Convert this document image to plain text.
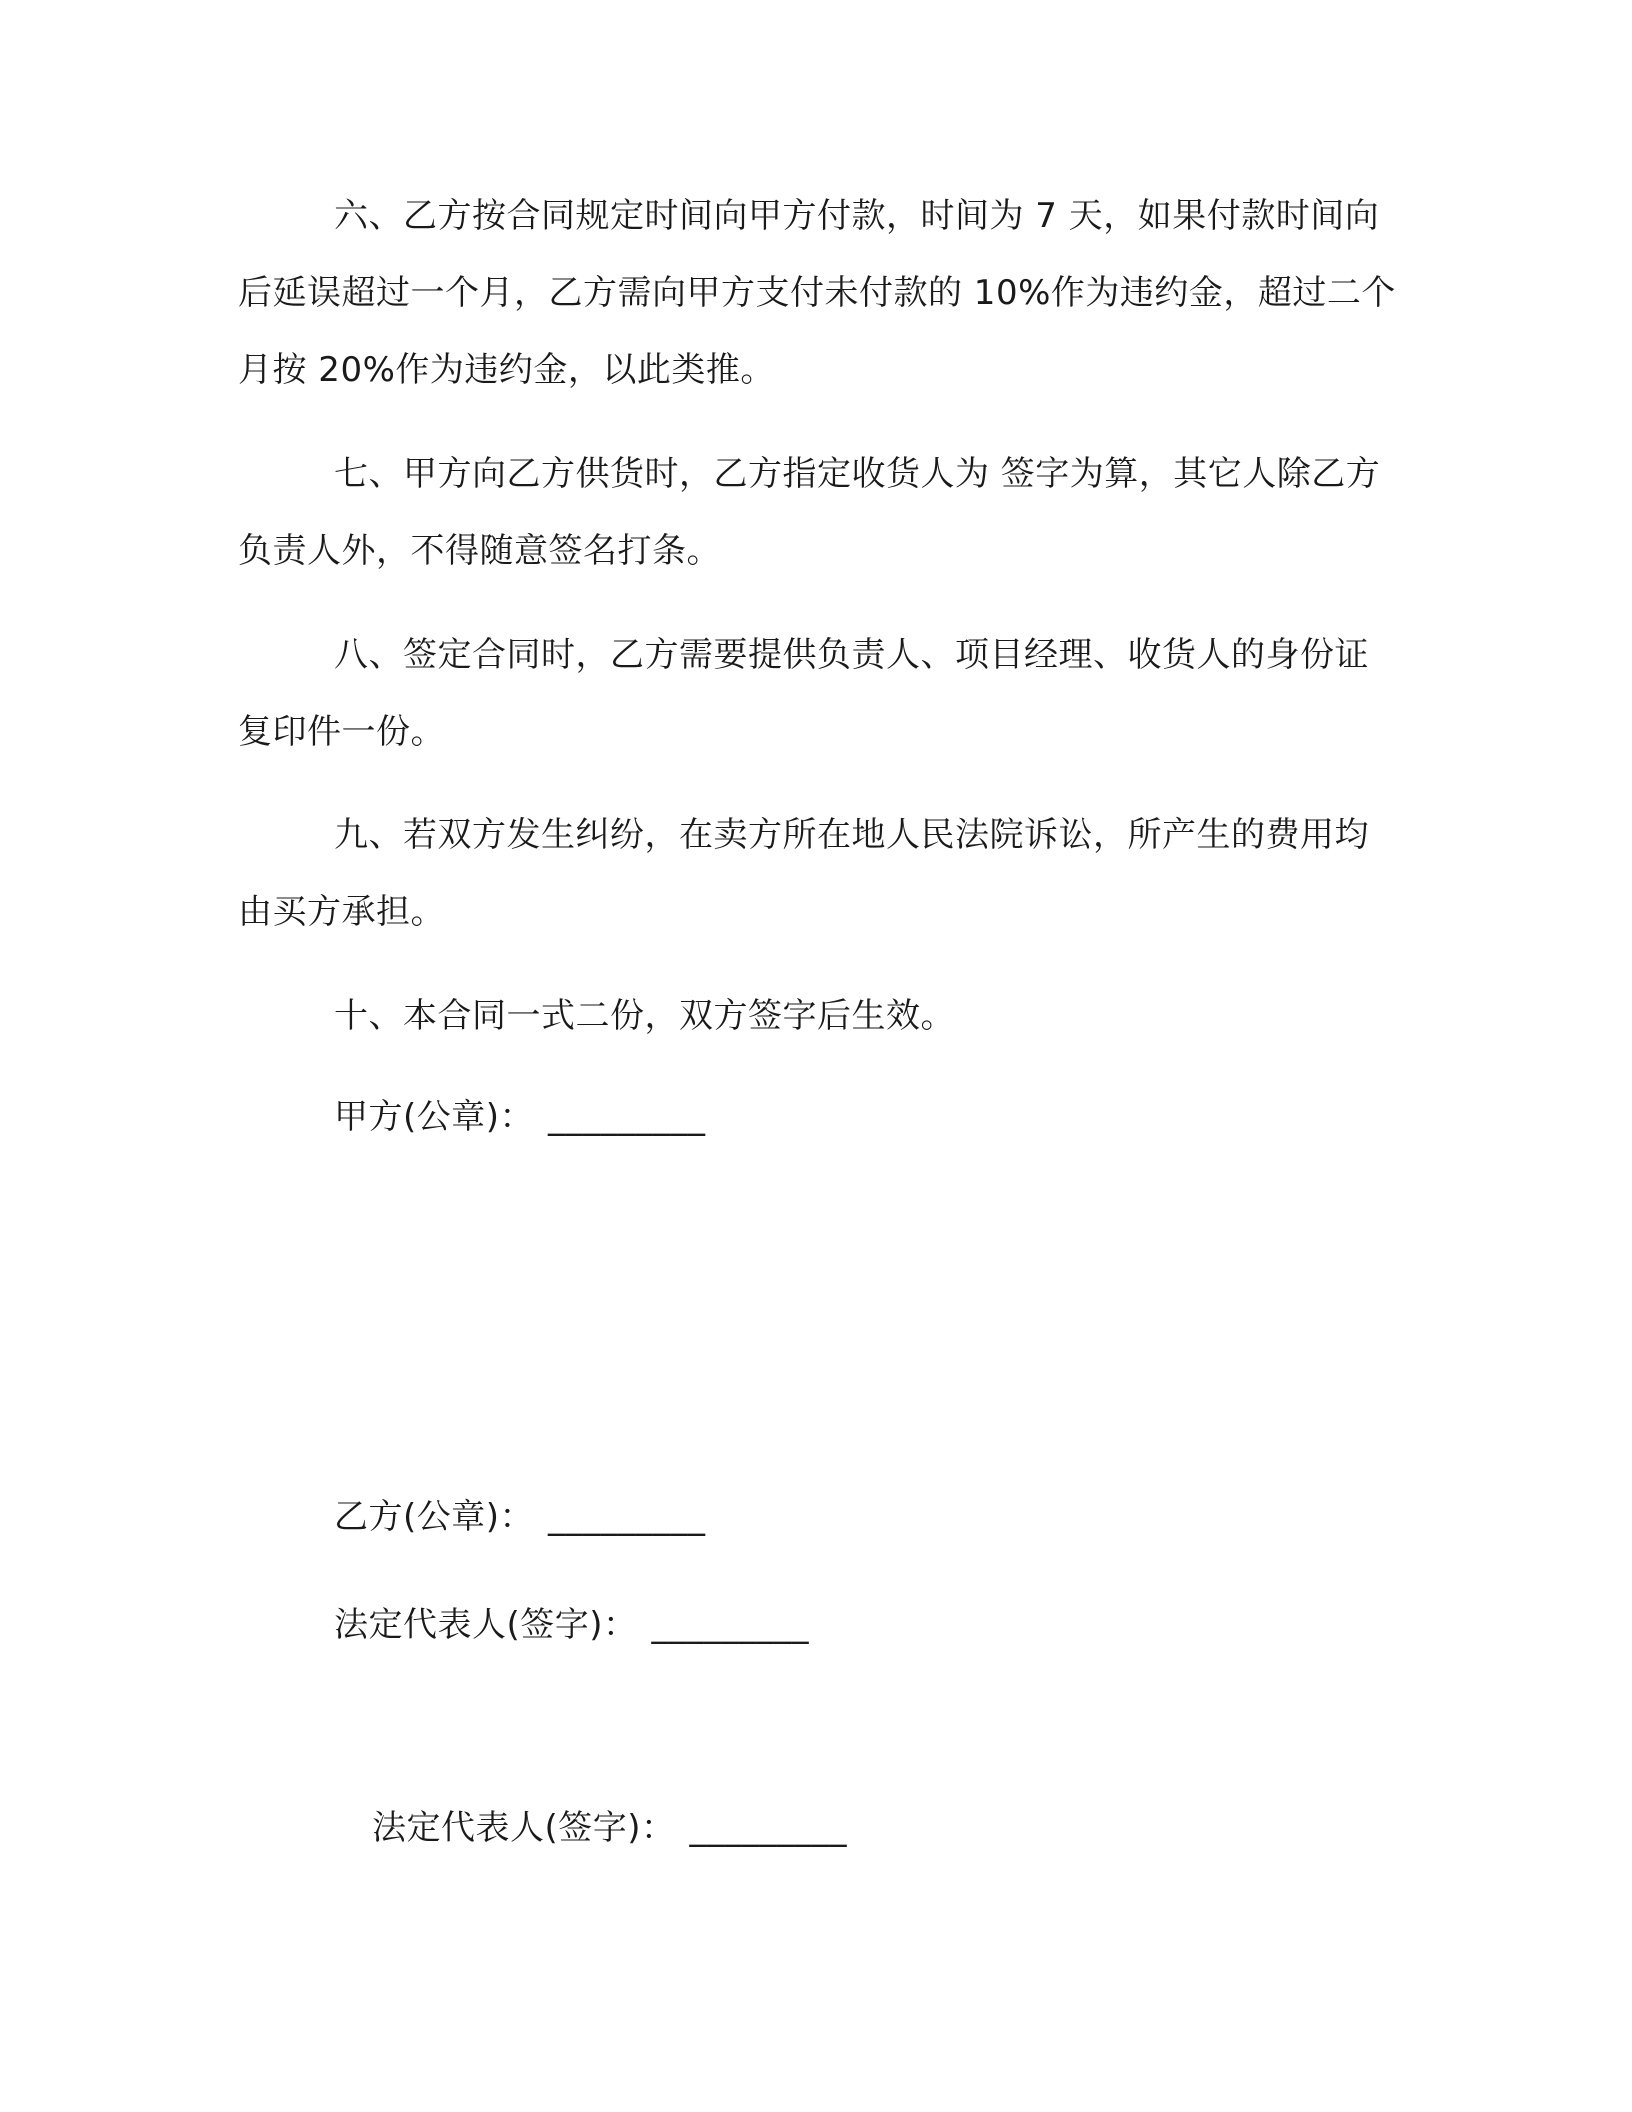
六、乙方按合同规定时间向甲方付款，时间为 7 天，如果付款时间向后延误超过一个月，乙方需向甲方支付未付款的 10%作为违约金，超过二个月按 20%作为违约金，以此类推。

七、甲方向乙方供货时，乙方指定收货人为 签字为算，其它人除乙方负责人外，不得随意签名打条。

八、签定合同时，乙方需要提供负责人、项目经理、收货人的身份证复印件一份。

九、若双方发生纠纷，在卖方所在地人民法院诉讼，所产生的费用均由买方承担。

十、本合同一式二份，双方签字后生效。

甲方(公章)： _________
乙方(公章)： _________
法定代表人(签字)： _________
法定代表人(签字)： _________
